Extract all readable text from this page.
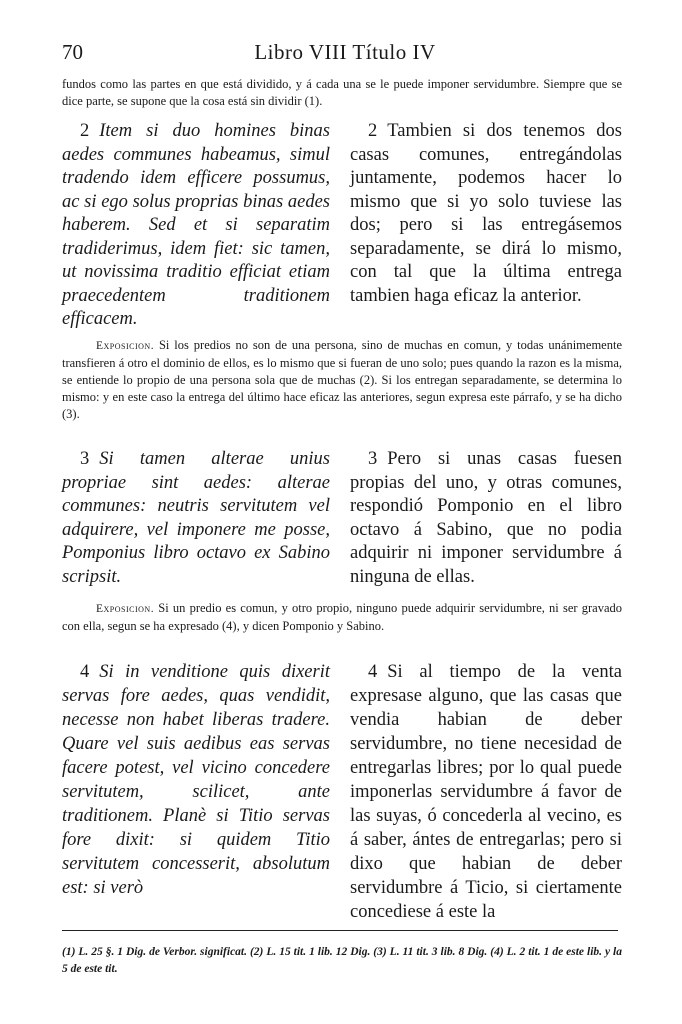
70	Libro VIII Título IV

fundos como las partes en que está dividido, y á cada una se le puede imponer servidumbre. Siempre que se dice parte, se supone que la cosa está sin dividir (1).

2 Item si duo homines binas aedes communes habeamus, simul tradendo idem efficere possumus, ac si ego solus proprias binas aedes haberem. Sed et si separatim tradiderimus, idem fiet: sic tamen, ut novissima traditio efficiat etiam praecedentem traditionem efficacem.
2 Tambien si dos tenemos dos casas comunes, entregándolas juntamente, podemos hacer lo mismo que si yo solo tuviese las dos; pero si las entregásemos separadamente, se dirá lo mismo, con tal que la última entrega tambien haga eficaz la anterior.

Exposicion. Si los predios no son de una persona, sino de muchas en comun, y todas unánimemente transfieren á otro el dominio de ellos, es lo mismo que si fueran de uno solo; pues quando la razon es la misma, se entiende lo propio de una persona sola que de muchas (2). Si los entregan separadamente, se determina lo mismo: y en este caso la entrega del último hace eficaz las anteriores, segun expresa este párrafo, y se ha dicho (3).

3 Si tamen alterae unius propriae sint aedes: alterae communes: neutris servitutem vel adquirere, vel imponere me posse, Pomponius libro octavo ex Sabino scripsit.
3 Pero si unas casas fuesen propias del uno, y otras comunes, respondió Pomponio en el libro octavo á Sabino, que no podia adquirir ni imponer servidumbre á ninguna de ellas.

Exposicion. Si un predio es comun, y otro propio, ninguno puede adquirir servidumbre, ni ser gravado con ella, segun se ha expresado (4), y dicen Pomponio y Sabino.

4 Si in venditione quis dixerit servas fore aedes, quas vendidit, necesse non habet liberas tradere. Quare vel suis aedibus eas servas facere potest, vel vicino concedere servitutem, scilicet, ante traditionem. Planè si Titio servas fore dixit: si quidem Titio servitutem concesserit, absolutum est: si verò
4 Si al tiempo de la venta expresase alguno, que las casas que vendia habian de deber servidumbre, no tiene necesidad de entregarlas libres; por lo qual puede imponerlas servidumbre á favor de las suyas, ó concederla al vecino, es á saber, ántes de entregarlas; pero si dixo que habian de deber servidumbre á Ticio, si ciertamente concediese á este la

(1) L. 25 §. 1 Dig. de Verbor. significat. (2) L. 15 tit. 1 lib. 12 Dig. (3) L. 11 tit. 3 lib. 8 Dig. (4) L. 2 tit. 1 de este lib. y la 5 de este tit.
